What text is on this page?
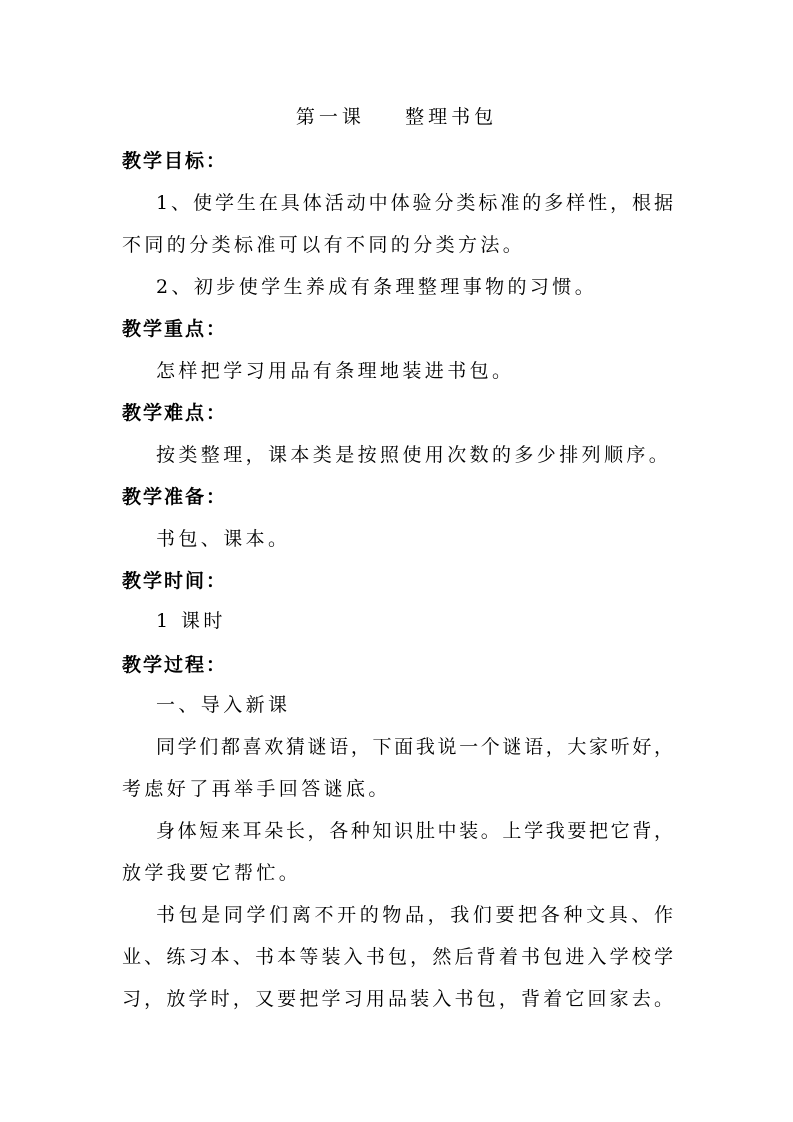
第一课    整理书包
教学目标：
1、使学生在具体活动中体验分类标准的多样性，根据
不同的分类标准可以有不同的分类方法。
2、初步使学生养成有条理整理事物的习惯。
教学重点：
怎样把学习用品有条理地装进书包。
教学难点：
按类整理，课本类是按照使用次数的多少排列顺序。
教学准备：
书包、课本。
教学时间：
1 课时
教学过程：
一、导入新课
同学们都喜欢猜谜语，下面我说一个谜语，大家听好，
考虑好了再举手回答谜底。
身体短来耳朵长，各种知识肚中装。上学我要把它背，
放学我要它帮忙。
书包是同学们离不开的物品，我们要把各种文具、作
业、练习本、书本等装入书包，然后背着书包进入学校学
习，放学时，又要把学习用品装入书包，背着它回家去。
